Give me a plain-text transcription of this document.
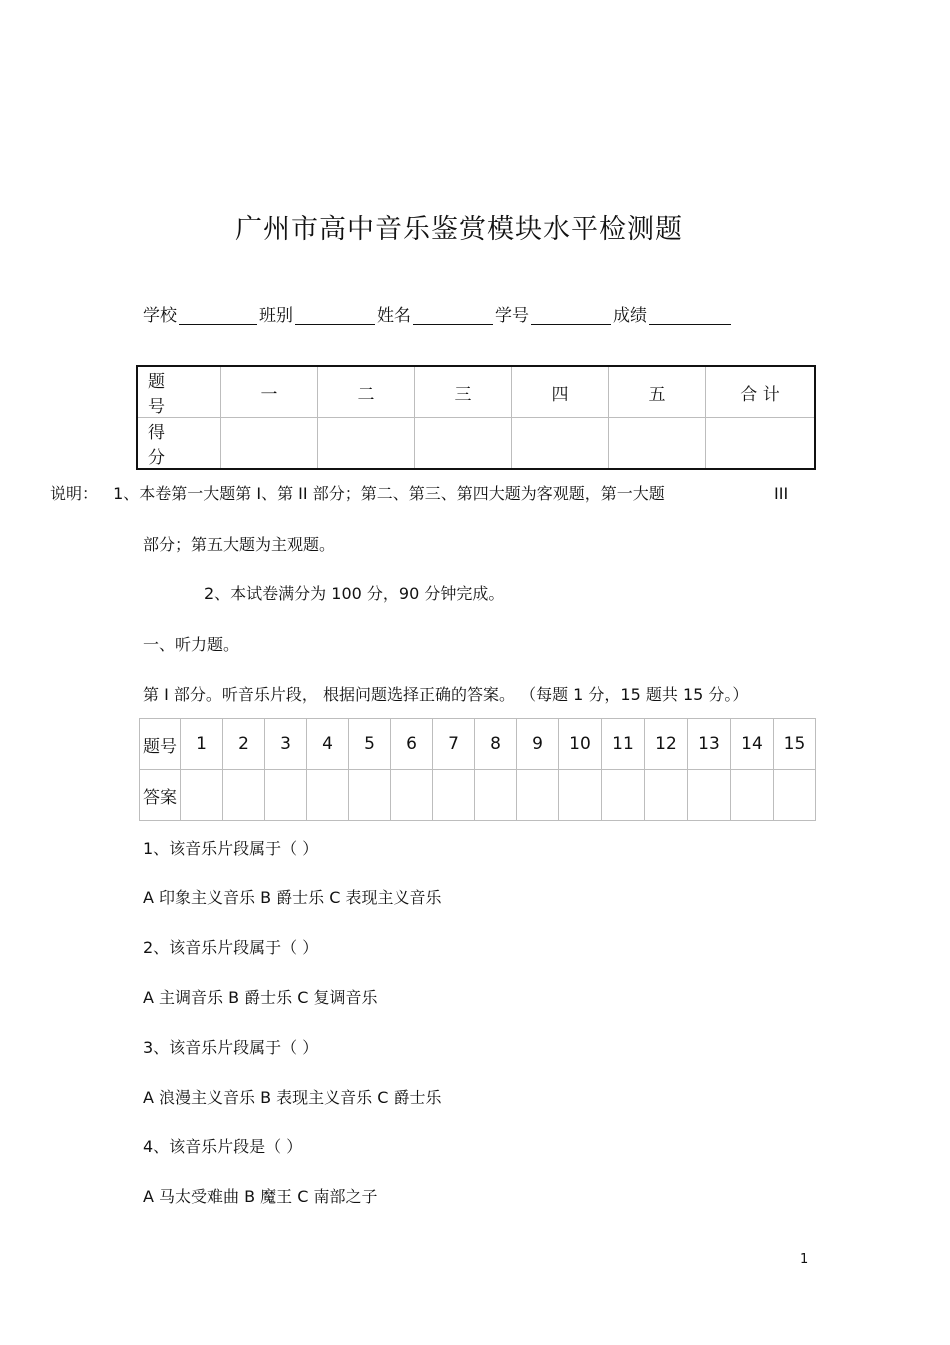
广州市高中音乐鉴赏模块水平检测题
学校	班别	姓名	学号	成绩
题 号	一	二	三	四	五	合 计
得 分						
说明： 1、本卷第一大题第 I、第 II 部分；第二、第三、第四大题为客观题，第一大题	III
部分；第五大题为主观题。
2、本试卷满分为 100 分，90 分钟完成。
一、听力题。
第 I 部分。听音乐片段， 根据问题选择正确的答案。 （每题 1 分，15 题共 15 分。）
题号	1	2	3	4	5	6	7	8	9	10	11	12	13	14	15
答案															
1、该音乐片段属于（ ）
A 印象主义音乐 B 爵士乐 C 表现主义音乐
2、该音乐片段属于（ ）
A 主调音乐 B 爵士乐 C 复调音乐
3、该音乐片段属于（ ）
A 浪漫主义音乐 B 表现主义音乐 C 爵士乐
4、该音乐片段是（ ）
A 马太受难曲 B 魔王 C 南部之子
1
